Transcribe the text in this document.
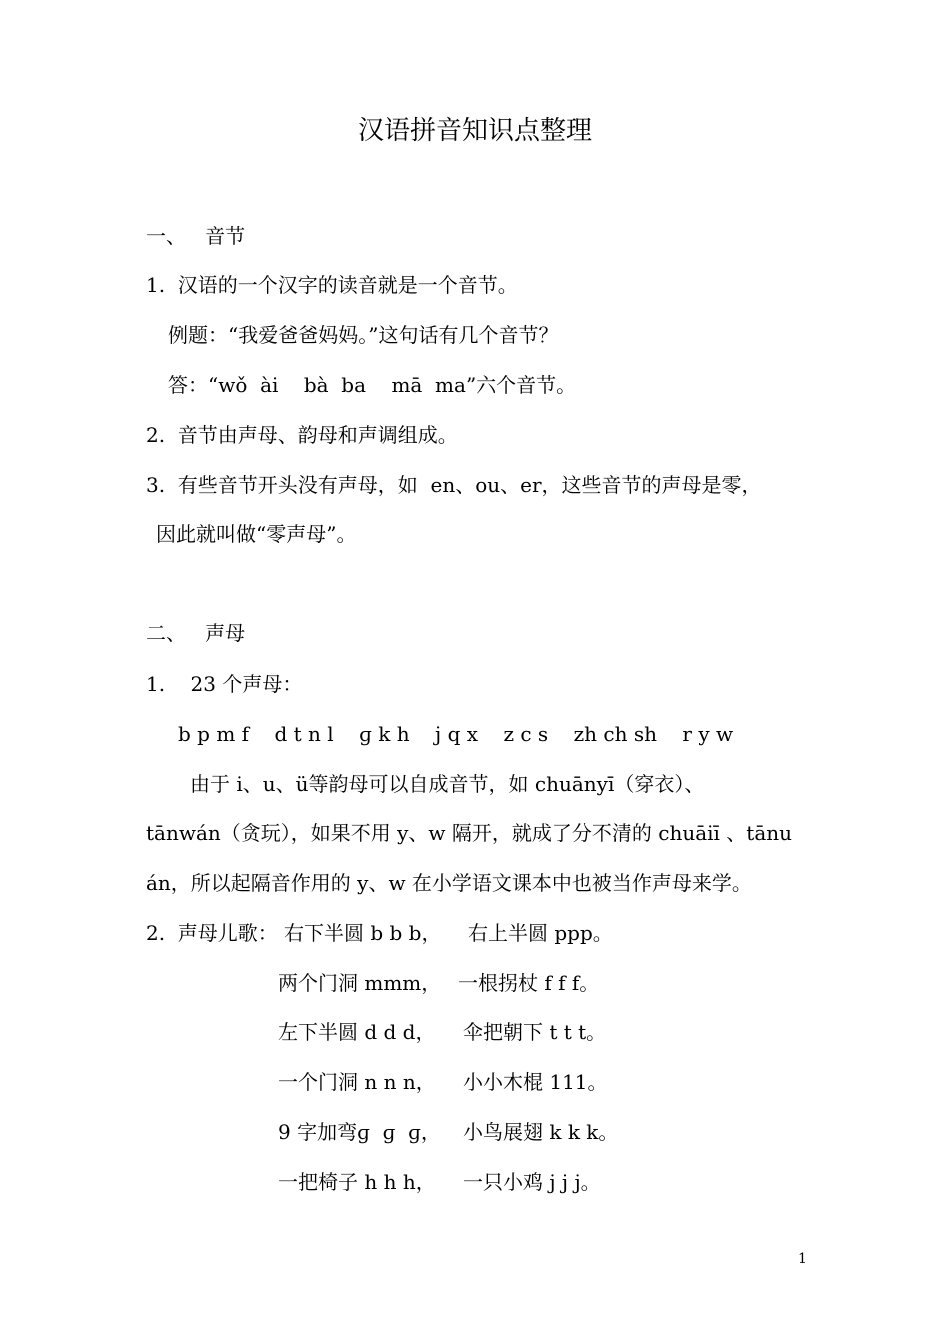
汉语拼音知识点整理
一、   音节
1.  汉语的一个汉字的读音就是一个音节。
例题：“我爱爸爸妈妈。”这句话有几个音节？
答：“wǒ  ài    bà  ba    mā  ma”六个音节。
2.  音节由声母、韵母和声调组成。
3.  有些音节开头没有声母，如  en、ou、er，这些音节的声母是零，
因此就叫做“零声母”。
二、   声母
1.    23 个声母：
b p m f    d t n l    ɡ k h    j q x    z c s    zh ch sh    r y w
由于 i、u、ü等韵母可以自成音节，如 chuānyī（穿衣）、
tānwán（贪玩），如果不用 y、w 隔开，就成了分不清的 chuāiī 、tānu
án，所以起隔音作用的 y、w 在小学语文课本中也被当作声母来学。
2.  声母儿歌： 右下半圆 b b b， 右上半圆 ppp。
两个门洞 mmm， 一根拐杖 f f f。
左下半圆 d d d， 伞把朝下 t t t。
一个门洞 n n n， 小小木棍 111。
9 字加弯ɡ  ɡ  ɡ， 小鸟展翅 k k k。
一把椅子 h h h， 一只小鸡 j j j。
1
